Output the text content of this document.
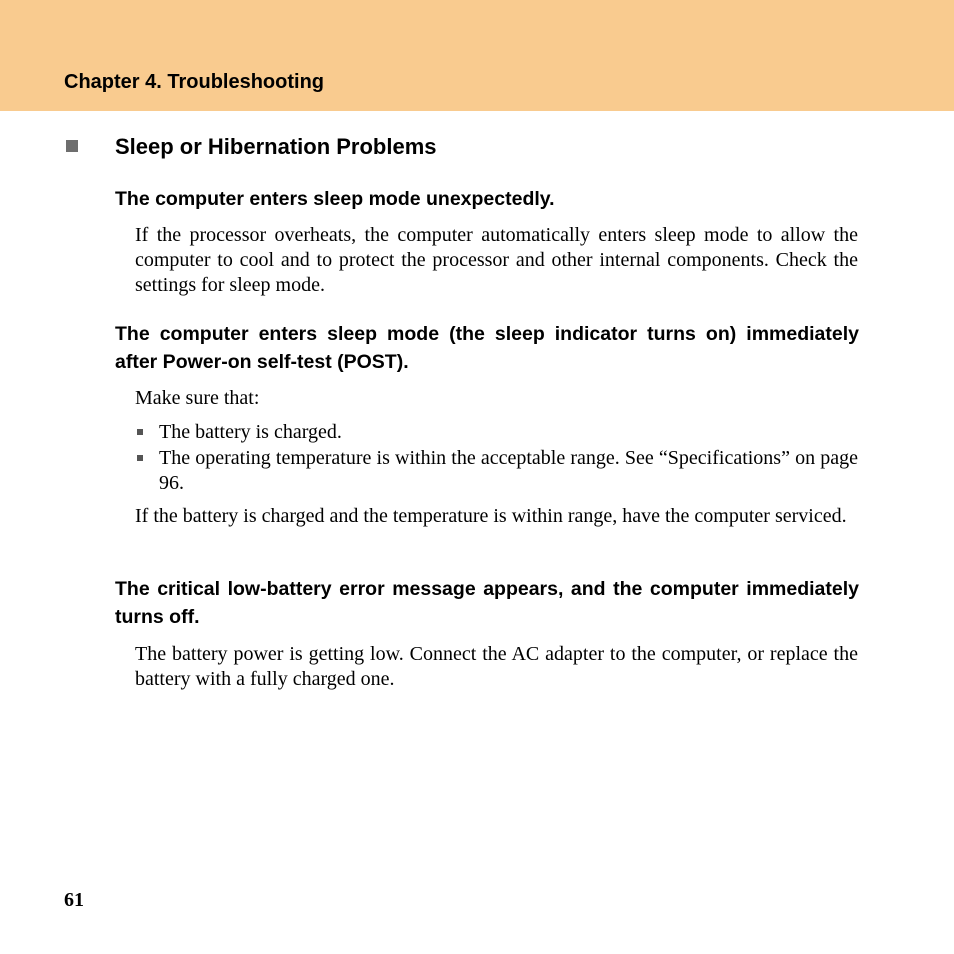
Chapter 4. Troubleshooting

Sleep or Hibernation Problems
The computer enters sleep mode unexpectedly.

If the processor overheats, the computer automatically enters sleep mode to allow the computer to cool and to protect the processor and other internal components. Check the settings for sleep mode.

The computer enters sleep mode (the sleep indicator turns on) immediately after Power-on self-test (POST).

Make sure that:

The battery is charged.
The operating temperature is within the acceptable range. See “Specifications” on page 96.

If the battery is charged and the temperature is within range, have the computer serviced.

The critical low-battery error message appears, and the computer immediately turns off.

The battery power is getting low. Connect the AC adapter to the computer, or replace the battery with a fully charged one.

61
